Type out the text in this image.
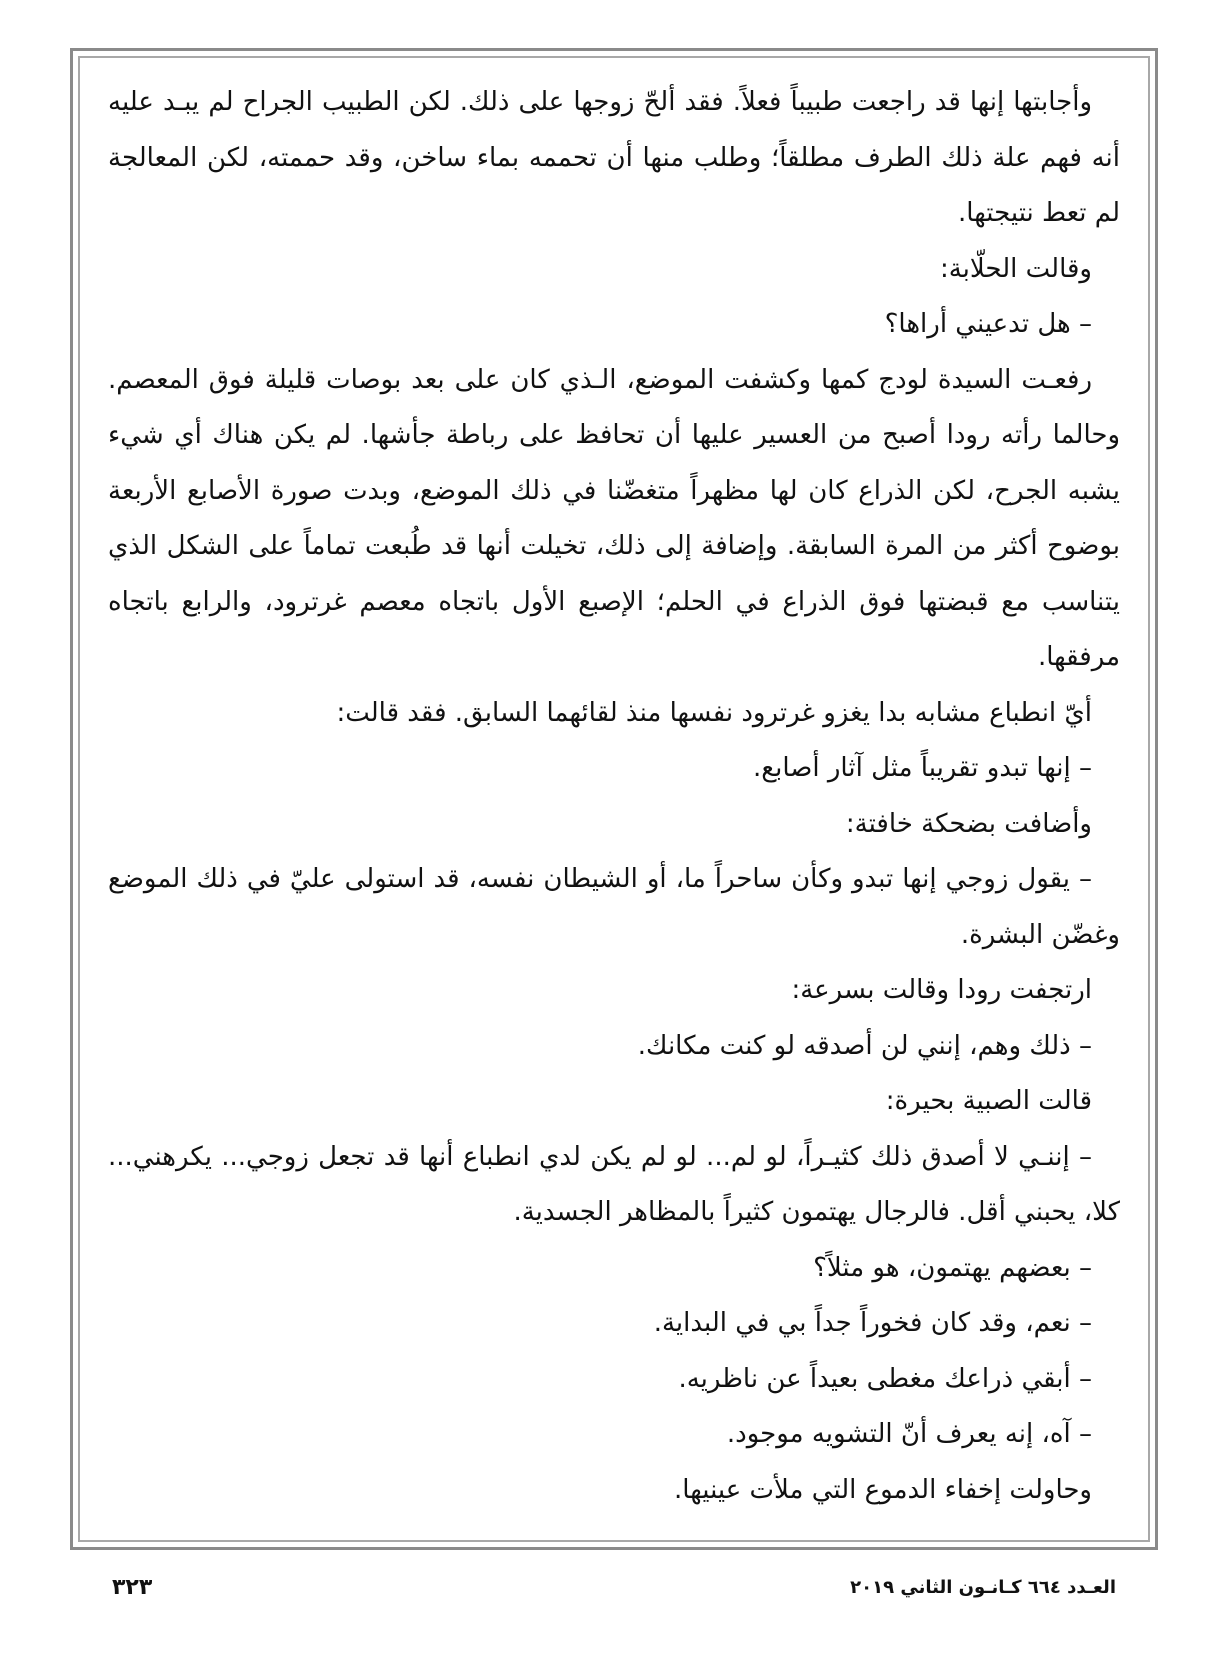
وأجابتها إنها قد راجعت طبيباً فعلاً. فقد ألحّ زوجها على ذلك. لكن الطبيب الجراح لم يبـد عليه أنه فهم علة ذلك الطرف مطلقاً؛ وطلب منها أن تحممه بماء ساخن، وقد حممته، لكن المعالجة لم تعط نتيجتها.

وقالت الحلّابة:

– هل تدعيني أراها؟

رفعـت السيدة لودج كمها وكشفت الموضع، الـذي كان على بعد بوصات قليلة فوق المعصم. وحالما رأته رودا أصبح من العسير عليها أن تحافظ على رباطة جأشها. لم يكن هناك أي شيء يشبه الجرح، لكن الذراع كان لها مظهراً متغضّنا في ذلك الموضع، وبدت صورة الأصابع الأربعة بوضوح أكثر من المرة السابقة. وإضافة إلى ذلك، تخيلت أنها قد طُبعت تماماً على الشكل الذي يتناسب مع قبضتها فوق الذراع في الحلم؛ الإصبع الأول باتجاه معصم غرترود، والرابع باتجاه مرفقها.

أيّ انطباع مشابه بدا يغزو غرترود نفسها منذ لقائهما السابق. فقد قالت:

– إنها تبدو تقريباً مثل آثار أصابع.

وأضافت بضحكة خافتة:

– يقول زوجي إنها تبدو وكأن ساحراً ما، أو الشيطان نفسه، قد استولى عليّ في ذلك الموضع وغضّن البشرة.

ارتجفت رودا وقالت بسرعة:

– ذلك وهم، إنني لن أصدقه لو كنت مكانك.

قالت الصبية بحيرة:

– إننـي لا أصدق ذلك كثيـراً، لو لم... لو لم يكن لدي انطباع أنها قد تجعل زوجي... يكرهني... كلا، يحبني أقل. فالرجال يهتمون كثيراً بالمظاهر الجسدية.

– بعضهم يهتمون، هو مثلاً؟

– نعم، وقد كان فخوراً جداً بي في البداية.

– أبقي ذراعك مغطى بعيداً عن ناظريه.

– آه، إنه يعرف أنّ التشويه موجود.

وحاولت إخفاء الدموع التي ملأت عينيها.

العـدد ٦٦٤ كـانـون الثاني ٢٠١٩
٣٢٣
